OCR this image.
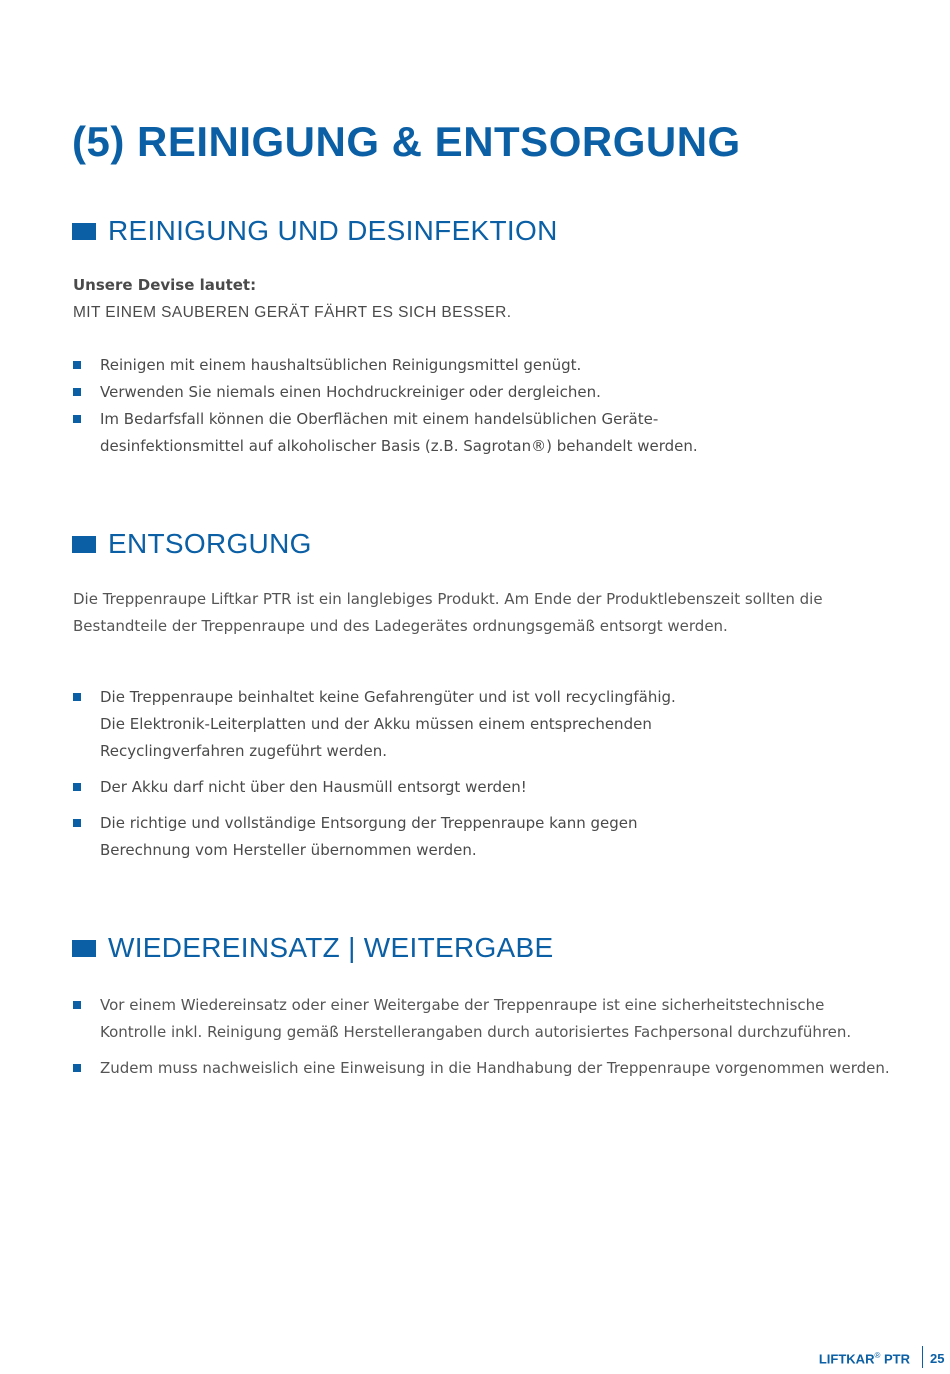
(5) REINIGUNG & ENTSORGUNG
REINIGUNG UND DESINFEKTION
Unsere Devise lautet:
MIT EINEM SAUBEREN GERÄT FÄHRT ES SICH BESSER.
Reinigen mit einem haushaltsüblichen Reinigungsmittel genügt.
Verwenden Sie niemals einen Hochdruckreiniger oder dergleichen.
Im Bedarfsfall können die Oberflächen mit einem handelsüblichen Geräte-
desinfektionsmittel auf alkoholischer Basis (z.B. Sagrotan®) behandelt werden.
ENTSORGUNG
Die Treppenraupe Liftkar PTR ist ein langlebiges Produkt. Am Ende der Produktlebenszeit sollten die
Bestandteile der Treppenraupe und des Ladegerätes ordnungsgemäß entsorgt werden.
Die Treppenraupe beinhaltet keine Gefahrengüter und ist voll recyclingfähig.
Die Elektronik-Leiterplatten und der Akku müssen einem entsprechenden
Recyclingverfahren zugeführt werden.
Der Akku darf nicht über den Hausmüll entsorgt werden!
Die richtige und vollständige Entsorgung der Treppenraupe kann gegen
Berechnung vom Hersteller übernommen werden.
WIEDEREINSATZ | WEITERGABE
Vor einem Wiedereinsatz oder einer Weitergabe der Treppenraupe ist eine sicherheitstechnische
Kontrolle inkl. Reinigung gemäß Herstellerangaben durch autorisiertes Fachpersonal durchzuführen.
Zudem muss nachweislich eine Einweisung in die Handhabung der Treppenraupe vorgenommen werden.
LIFTKAR® PTR 25
